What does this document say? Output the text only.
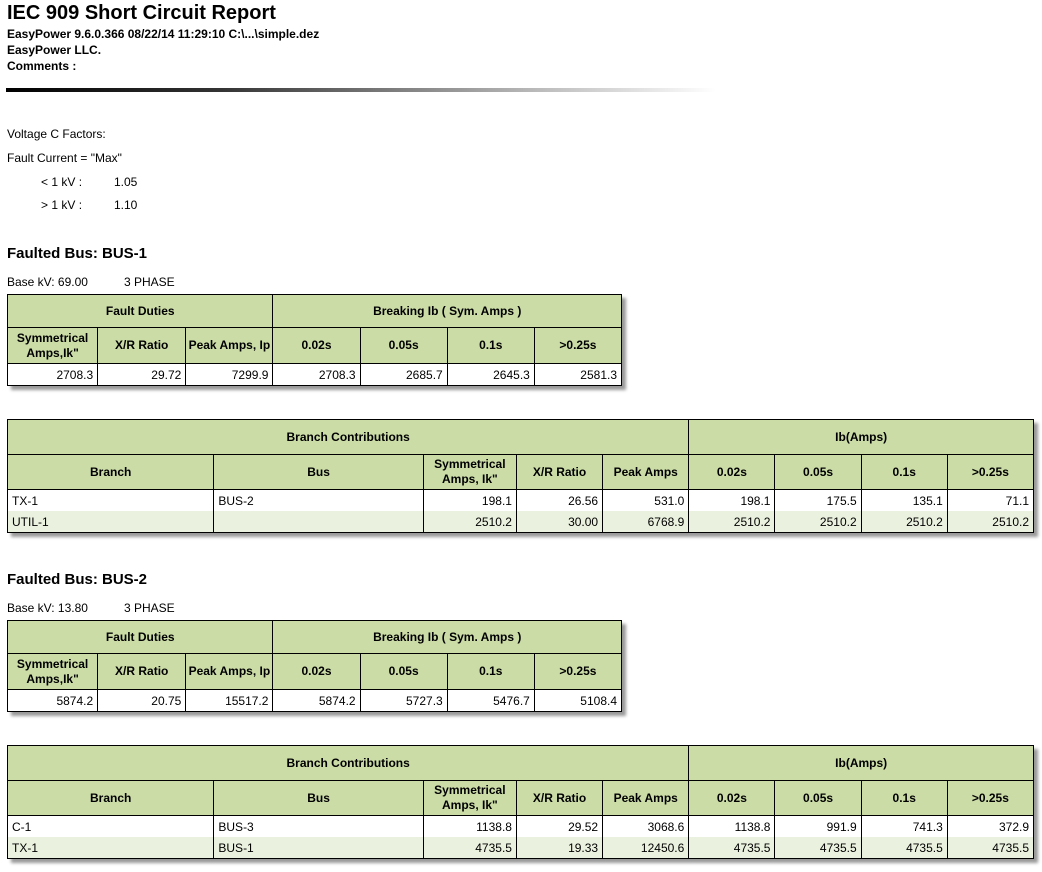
IEC 909 Short Circuit Report
EasyPower 9.6.0.366 08/22/14 11:29:10 C:\...\simple.dez
EasyPower LLC.
Comments :
Voltage C Factors:
Fault Current = "Max"
< 1 kV :	1.05
> 1 kV :	1.10
Faulted Bus: BUS-1
Base kV: 69.00	3 PHASE
Fault Duties			Breaking Ib ( Sym. Amps )			
Symmetrical Amps,Ik"	X/R Ratio	Peak Amps, Ip	0.02s	0.05s	0.1s	>0.25s
2708.3	29.72	7299.9	2708.3	2685.7	2645.3	2581.3
Branch Contributions					Ib(Amps)			
Branch	Bus	Symmetrical Amps, Ik"	X/R Ratio	Peak Amps	0.02s	0.05s	0.1s	>0.25s
TX-1	BUS-2	198.1	26.56	531.0	198.1	175.5	135.1	71.1
UTIL-1		2510.2	30.00	6768.9	2510.2	2510.2	2510.2	2510.2
Faulted Bus: BUS-2
Base kV: 13.80	3 PHASE
Fault Duties			Breaking Ib ( Sym. Amps )			
Symmetrical Amps,Ik"	X/R Ratio	Peak Amps, Ip	0.02s	0.05s	0.1s	>0.25s
5874.2	20.75	15517.2	5874.2	5727.3	5476.7	5108.4
Branch Contributions					Ib(Amps)			
Branch	Bus	Symmetrical Amps, Ik"	X/R Ratio	Peak Amps	0.02s	0.05s	0.1s	>0.25s
C-1	BUS-3	1138.8	29.52	3068.6	1138.8	991.9	741.3	372.9
TX-1	BUS-1	4735.5	19.33	12450.6	4735.5	4735.5	4735.5	4735.5
